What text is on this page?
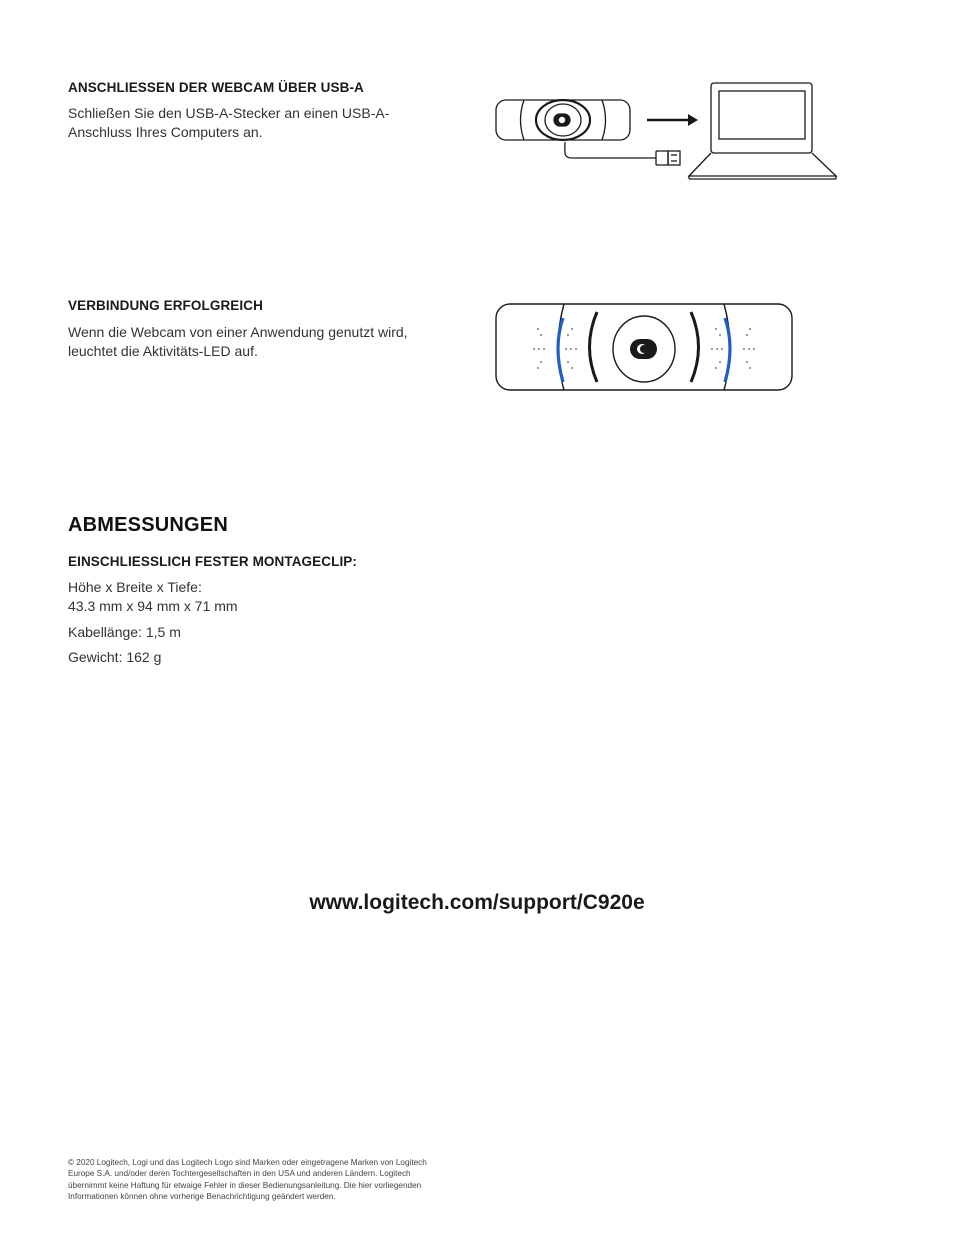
ANSCHLIESSEN DER WEBCAM ÜBER USB-A
Schließen Sie den USB-A-Stecker an einen USB-A-
Anschluss Ihres Computers an.
VERBINDUNG ERFOLGREICH
Wenn die Webcam von einer Anwendung genutzt wird,
leuchtet die Aktivitäts-LED auf.
ABMESSUNGEN
EINSCHLIESSLICH FESTER MONTAGECLIP:
Höhe x Breite x Tiefe:
43.3 mm x 94 mm x 71 mm
Kabellänge: 1,5 m
Gewicht: 162 g
www.logitech.com/support/C920e
© 2020 Logitech, Logi und das Logitech Logo sind Marken oder eingetragene Marken von Logitech
Europe S.A. und/oder deren Tochtergesellschaften in den USA und anderen Ländern. Logitech
übernimmt keine Haftung für etwaige Fehler in dieser Bedienungsanleitung. Die hier vorliegenden
Informationen können ohne vorherige Benachrichtigung geändert werden.
